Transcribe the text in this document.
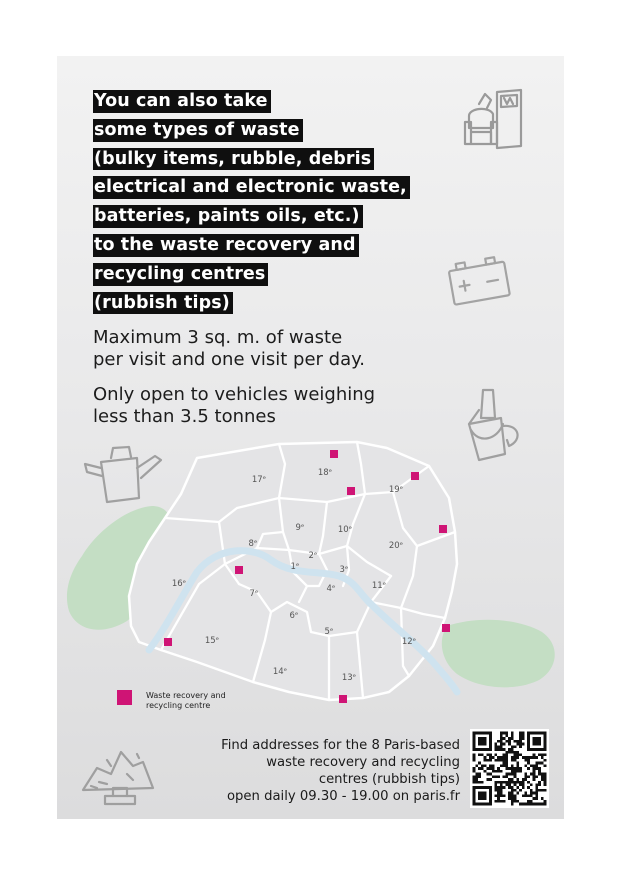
You can also take
some types of waste
(bulky items, rubble, debris
electrical and electronic waste,
batteries, paints oils, etc.)
to the waste recovery and
recycling centres
(rubbish tips)

Maximum 3 sq. m. of waste
per visit and one visit per day.

Only open to vehicles weighing
less than 3.5 tonnes

17ᵉ
18ᵉ
20ᵉ
19ᵉ
9ᵉ	10ᵉ
8ᵉ
2ᵉ
1ᵉ	3ᵉ
4ᵉ	11ᵉ
16ᵉ
7ᵉ
6ᵉ
5ᵉ
15ᵉ	12ᵉ
14ᵉ
13ᵉ
Waste recovery and
recycling centre
Find addresses for the 8 Paris-based
waste recovery and recycling
centres (rubbish tips)
open daily 09.30 - 19.00 on paris.fr
